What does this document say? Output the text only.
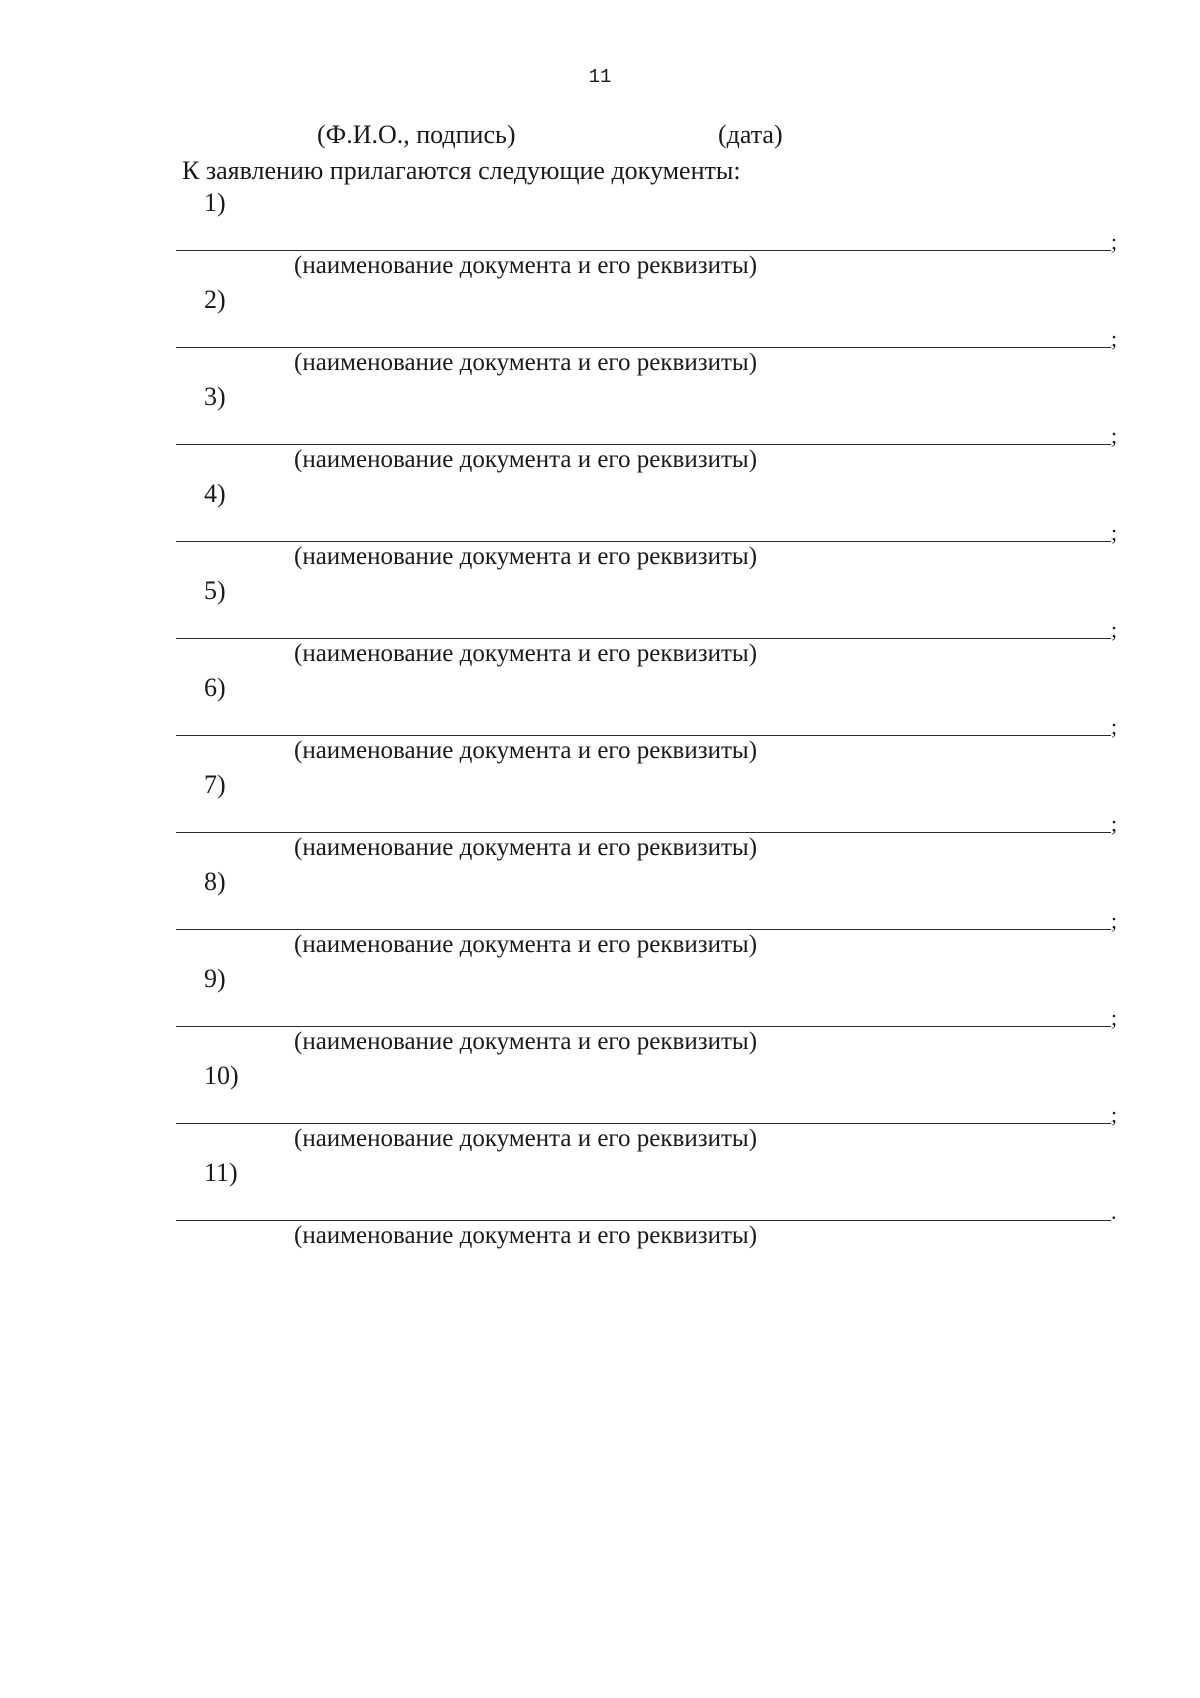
11
(Ф.И.О., подпись)	(дата)
К заявлению прилагаются следующие документы:
1)
;
(наименование документа и его реквизиты)
2)
;
(наименование документа и его реквизиты)
3)
;
(наименование документа и его реквизиты)
4)
;
(наименование документа и его реквизиты)
5)
;
(наименование документа и его реквизиты)
6)
;
(наименование документа и его реквизиты)
7)
;
(наименование документа и его реквизиты)
8)
;
(наименование документа и его реквизиты)
9)
;
(наименование документа и его реквизиты)
10)
;
(наименование документа и его реквизиты)
11)
.
(наименование документа и его реквизиты)
